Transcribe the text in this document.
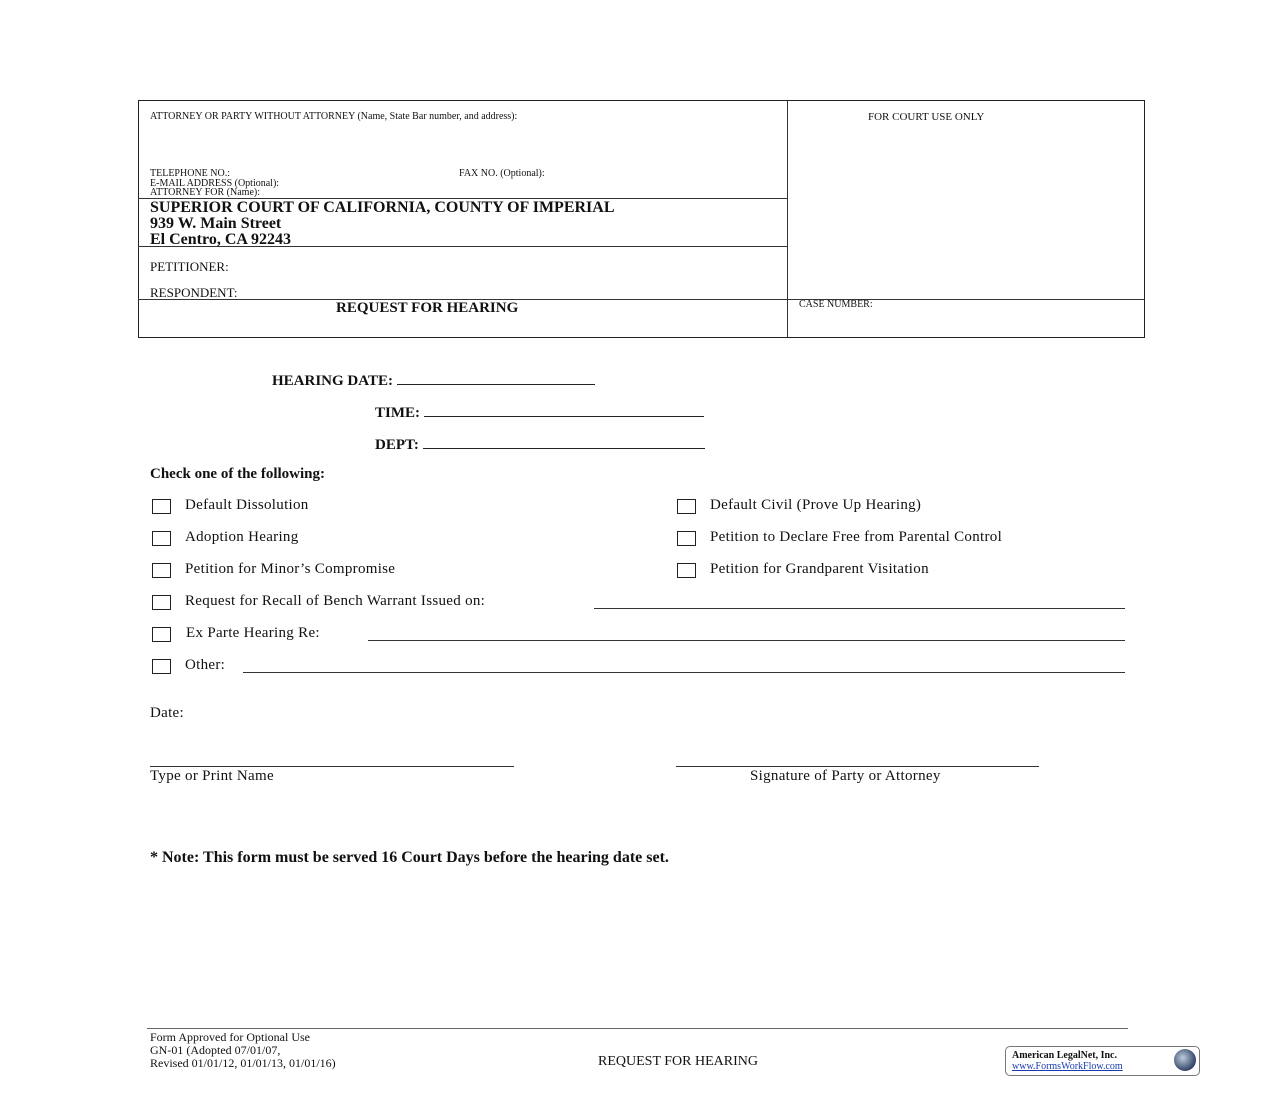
ATTORNEY OR PARTY WITHOUT ATTORNEY (Name, State Bar number, and address):
TELEPHONE NO.:	FAX NO. (Optional):
E-MAIL ADDRESS (Optional):
ATTORNEY FOR (Name):
FOR COURT USE ONLY
SUPERIOR COURT OF CALIFORNIA, COUNTY OF IMPERIAL
939 W. Main Street
El Centro, CA 92243
PETITIONER:
RESPONDENT:
REQUEST FOR HEARING	CASE NUMBER:
HEARING DATE:
TIME:
DEPT:
Check one of the following:
Default Dissolution	Default Civil (Prove Up Hearing)
Adoption Hearing	Petition to Declare Free from Parental Control
Petition for Minor’s Compromise	Petition for Grandparent Visitation
Request for Recall of Bench Warrant Issued on:
Ex Parte Hearing Re:
Other:
Date:
Type or Print Name	Signature of Party or Attorney
* Note: This form must be served 16 Court Days before the hearing date set.
Form Approved for Optional Use
GN-01 (Adopted 07/01/07,
Revised 01/01/12, 01/01/13, 01/01/16)	REQUEST FOR HEARING	American LegalNet, Inc.
www.FormsWorkFlow.com
